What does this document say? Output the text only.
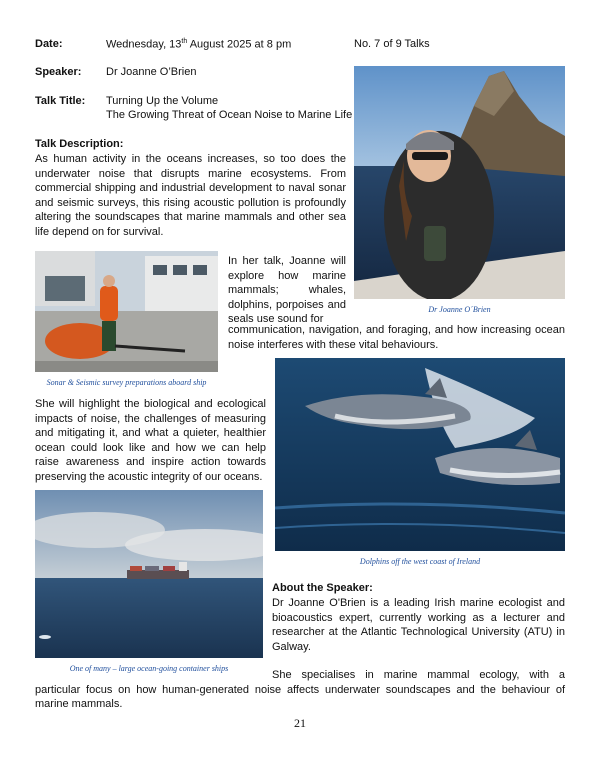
Date:	Wednesday, 13th August 2025 at 8 pm	No. 7 of 9 Talks
Speaker: Dr Joanne O’Brien
Talk Title: Turning Up the Volume
The Growing Threat of Ocean Noise to Marine Life
Dr Joanne O´Brien
Talk Description:
As human activity in the oceans increases, so too does the underwater noise that disrupts marine ecosystems. From commercial shipping and industrial development to naval sonar and seismic surveys, this rising acoustic pollution is profoundly altering the soundscapes that marine mammals and other sea life depend on for survival.
Sonar & Seismic survey preparations aboard ship
In her talk, Joanne will explore how marine mammals; whales, dolphins, porpoises and seals use sound for
communication, navigation, and foraging, and how increasing ocean noise interferes with these vital behaviours.
Dolphins off the west coast of Ireland
She will highlight the biological and ecological impacts of noise, the challenges of measuring and mitigating it, and what a quieter, healthier ocean could look like and how we can help raise awareness and inspire action towards preserving the acoustic integrity of our oceans.
One of many – large ocean-going container ships
About the Speaker:
Dr Joanne O'Brien is a leading Irish marine ecologist and bioacoustics expert, currently working as a lecturer and researcher at the Atlantic Technological University (ATU) in Galway.
She specialises in marine mammal ecology, with a particular focus on how human-generated noise affects underwater soundscapes and the behaviour of marine mammals.
21
